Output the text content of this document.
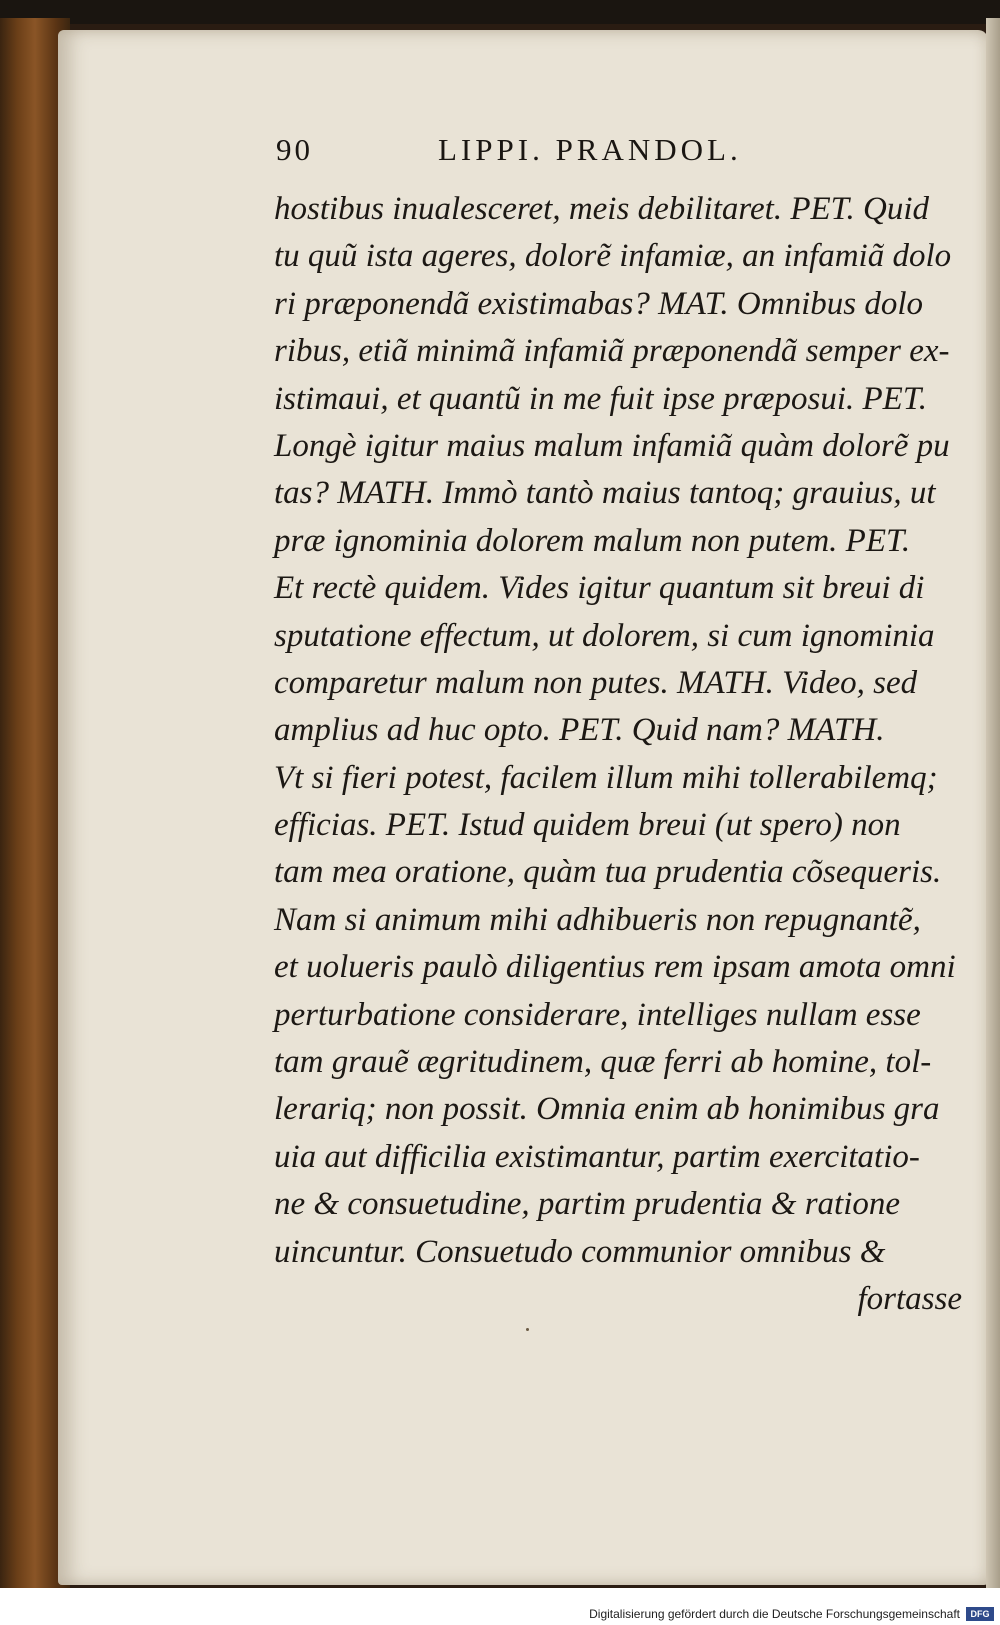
90	LIPPI. PRANDOL.
hostibus inualesceret, meis debilitaret. PET. Quid
tu quũ ista ageres, dolorẽ infamiæ, an infamiã dolo
ri præponendã existimabas? MAT. Omnibus dolo
ribus, etiã minimã infamiã præponendã semper ex-
istimaui, et quantũ in me fuit ipse præposui. PET.
Longè igitur maius malum infamiã quàm dolorẽ pu
tas? MATH. Immò tantò maius tantoq; grauius, ut
præ ignominia dolorem malum non putem. PET.
Et rectè quidem. Vides igitur quantum sit breui di
sputatione effectum, ut dolorem, si cum ignominia
comparetur malum non putes. MATH. Video, sed
amplius ad huc opto. PET. Quid nam? MATH.
Vt si fieri potest, facilem illum mihi tollerabilemq;
efficias. PET. Istud quidem breui (ut spero) non
tam mea oratione, quàm tua prudentia cõsequeris.
Nam si animum mihi adhibueris non repugnantẽ,
et uolueris paulò diligentius rem ipsam amota omni
perturbatione considerare, intelliges nullam esse
tam grauẽ ægritudinem, quæ ferri ab homine, tol-
lerariq; non possit. Omnia enim ab honimibus gra
uia aut difficilia existimantur, partim exercitatio-
ne & consuetudine, partim prudentia & ratione
uincuntur. Consuetudo communior omnibus &
fortasse
Digitalisierung gefördert durch die Deutsche Forschungsgemeinschaft	DFG
